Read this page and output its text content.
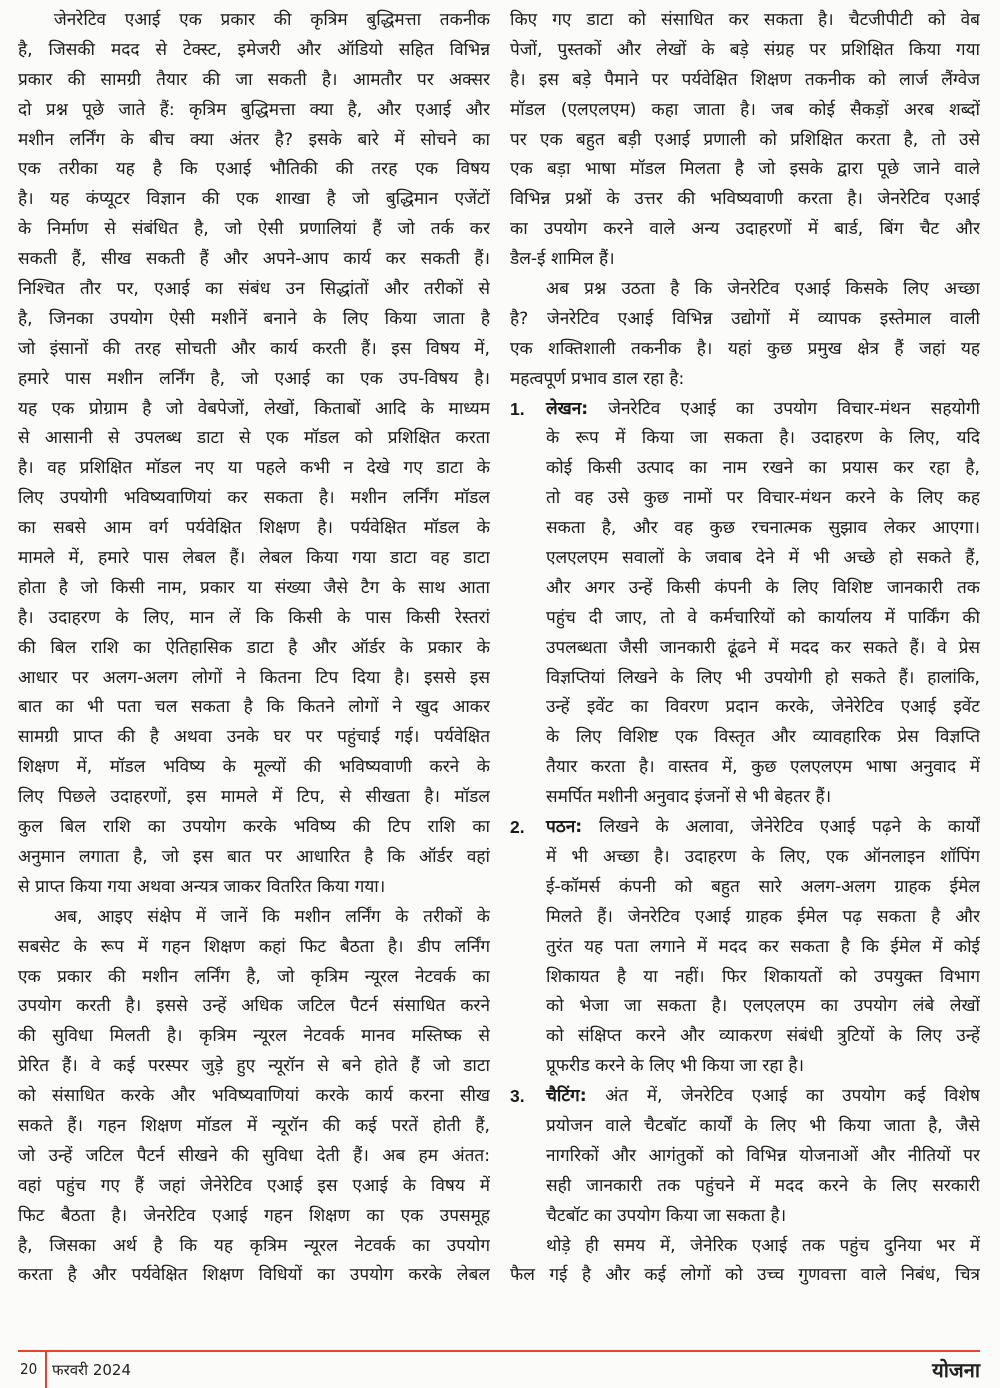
जेनरेटिव एआई एक प्रकार की कृत्रिम बुद्धिमत्ता तकनीक
है, जिसकी मदद से टेक्स्ट, इमेजरी और ऑडियो सहित विभिन्न
प्रकार की सामग्री तैयार की जा सकती है। आमतौर पर अक्सर
दो प्रश्न पूछे जाते हैं: कृत्रिम बुद्धिमत्ता क्या है, और एआई और
मशीन लर्निंग के बीच क्या अंतर है? इसके बारे में सोचने का
एक तरीका यह है कि एआई भौतिकी की तरह एक विषय
है। यह कंप्यूटर विज्ञान की एक शाखा है जो बुद्धिमान एजेंटों
के निर्माण से संबंधित है, जो ऐसी प्रणालियां हैं जो तर्क कर
सकती हैं, सीख सकती हैं और अपने-आप कार्य कर सकती हैं।
निश्चित तौर पर, एआई का संबंध उन सिद्धांतों और तरीकों से
है, जिनका उपयोग ऐसी मशीनें बनाने के लिए किया जाता है
जो इंसानों की तरह सोचती और कार्य करती हैं। इस विषय में,
हमारे पास मशीन लर्निंग है, जो एआई का एक उप-विषय है।
यह एक प्रोग्राम है जो वेबपेजों, लेखों, किताबों आदि के माध्यम
से आसानी से उपलब्ध डाटा से एक मॉडल को प्रशिक्षित करता
है। वह प्रशिक्षित मॉडल नए या पहले कभी न देखे गए डाटा के
लिए उपयोगी भविष्यवाणियां कर सकता है। मशीन लर्निंग मॉडल
का सबसे आम वर्ग पर्यवेक्षित शिक्षण है। पर्यवेक्षित मॉडल के
मामले में, हमारे पास लेबल हैं। लेबल किया गया डाटा वह डाटा
होता है जो किसी नाम, प्रकार या संख्या जैसे टैग के साथ आता
है। उदाहरण के लिए, मान लें कि किसी के पास किसी रेस्तरां
की बिल राशि का ऐतिहासिक डाटा है और ऑर्डर के प्रकार के
आधार पर अलग-अलग लोगों ने कितना टिप दिया है। इससे इस
बात का भी पता चल सकता है कि कितने लोगों ने खुद आकर
सामग्री प्राप्त की है अथवा उनके घर पर पहुंचाई गई। पर्यवेक्षित
शिक्षण में, मॉडल भविष्य के मूल्यों की भविष्यवाणी करने के
लिए पिछले उदाहरणों, इस मामले में टिप, से सीखता है। मॉडल
कुल बिल राशि का उपयोग करके भविष्य की टिप राशि का
अनुमान लगाता है, जो इस बात पर आधारित है कि ऑर्डर वहां
से प्राप्त किया गया अथवा अन्यत्र जाकर वितरित किया गया।
अब, आइए संक्षेप में जानें कि मशीन लर्निंग के तरीकों के
सबसेट के रूप में गहन शिक्षण कहां फिट बैठता है। डीप लर्निंग
एक प्रकार की मशीन लर्निंग है, जो कृत्रिम न्यूरल नेटवर्क का
उपयोग करती है। इससे उन्हें अधिक जटिल पैटर्न संसाधित करने
की सुविधा मिलती है। कृत्रिम न्यूरल नेटवर्क मानव मस्तिष्क से
प्रेरित हैं। वे कई परस्पर जुड़े हुए न्यूरॉन से बने होते हैं जो डाटा
को संसाधित करके और भविष्यवाणियां करके कार्य करना सीख
सकते हैं। गहन शिक्षण मॉडल में न्यूरॉन की कई परतें होती हैं,
जो उन्हें जटिल पैटर्न सीखने की सुविधा देती हैं। अब हम अंतत:
वहां पहुंच गए हैं जहां जेनेरेटिव एआई इस एआई के विषय में
फिट बैठता है। जेनरेटिव एआई गहन शिक्षण का एक उपसमूह
है, जिसका अर्थ है कि यह कृत्रिम न्यूरल नेटवर्क का उपयोग
करता है और पर्यवेक्षित शिक्षण विधियों का उपयोग करके लेबल
किए गए डाटा को संसाधित कर सकता है। चैटजीपीटी को वेब
पेजों, पुस्तकों और लेखों के बड़े संग्रह पर प्रशिक्षित किया गया
है। इस बड़े पैमाने पर पर्यवेक्षित शिक्षण तकनीक को लार्ज लैंग्वेज
मॉडल (एलएलएम) कहा जाता है। जब कोई सैकड़ों अरब शब्दों
पर एक बहुत बड़ी एआई प्रणाली को प्रशिक्षित करता है, तो उसे
एक बड़ा भाषा मॉडल मिलता है जो इसके द्वारा पूछे जाने वाले
विभिन्न प्रश्नों के उत्तर की भविष्यवाणी करता है। जेनरेटिव एआई
का उपयोग करने वाले अन्य उदाहरणों में बार्ड, बिंग चैट और
डैल-ई शामिल हैं।
अब प्रश्न उठता है कि जेनरेटिव एआई किसके लिए अच्छा
है? जेनरेटिव एआई विभिन्न उद्योगों में व्यापक इस्तेमाल वाली
एक शक्तिशाली तकनीक है। यहां कुछ प्रमुख क्षेत्र हैं जहां यह
महत्वपूर्ण प्रभाव डाल रहा है:
1. लेखन: जेनरेटिव एआई का उपयोग विचार-मंथन सहयोगी
के रूप में किया जा सकता है। उदाहरण के लिए, यदि
कोई किसी उत्पाद का नाम रखने का प्रयास कर रहा है,
तो वह उसे कुछ नामों पर विचार-मंथन करने के लिए कह
सकता है, और वह कुछ रचनात्मक सुझाव लेकर आएगा।
एलएलएम सवालों के जवाब देने में भी अच्छे हो सकते हैं,
और अगर उन्हें किसी कंपनी के लिए विशिष्ट जानकारी तक
पहुंच दी जाए, तो वे कर्मचारियों को कार्यालय में पार्किंग की
उपलब्धता जैसी जानकारी ढूंढने में मदद कर सकते हैं। वे प्रेस
विज्ञप्तियां लिखने के लिए भी उपयोगी हो सकते हैं। हालांकि,
उन्हें इवेंट का विवरण प्रदान करके, जेनेरेटिव एआई इवेंट
के लिए विशिष्ट एक विस्तृत और व्यावहारिक प्रेस विज्ञप्ति
तैयार करता है। वास्तव में, कुछ एलएलएम भाषा अनुवाद में
समर्पित मशीनी अनुवाद इंजनों से भी बेहतर हैं।
2. पठन: लिखने के अलावा, जेनेरेटिव एआई पढ़ने के कार्यों
में भी अच्छा है। उदाहरण के लिए, एक ऑनलाइन शॉपिंग
ई-कॉमर्स कंपनी को बहुत सारे अलग-अलग ग्राहक ईमेल
मिलते हैं। जेनरेटिव एआई ग्राहक ईमेल पढ़ सकता है और
तुरंत यह पता लगाने में मदद कर सकता है कि ईमेल में कोई
शिकायत है या नहीं। फिर शिकायतों को उपयुक्त विभाग
को भेजा जा सकता है। एलएलएम का उपयोग लंबे लेखों
को संक्षिप्त करने और व्याकरण संबंधी त्रुटियों के लिए उन्हें
प्रूफरीड करने के लिए भी किया जा रहा है।
3. चैटिंग: अंत में, जेनरेटिव एआई का उपयोग कई विशेष
प्रयोजन वाले चैटबॉट कार्यों के लिए भी किया जाता है, जैसे
नागरिकों और आगंतुकों को विभिन्न योजनाओं और नीतियों पर
सही जानकारी तक पहुंचने में मदद करने के लिए सरकारी
चैटबॉट का उपयोग किया जा सकता है।
थोड़े ही समय में, जेनेरिक एआई तक पहुंच दुनिया भर में
फैल गई है और कई लोगों को उच्च गुणवत्ता वाले निबंध, चित्र
20 फरवरी 2024	योजना
